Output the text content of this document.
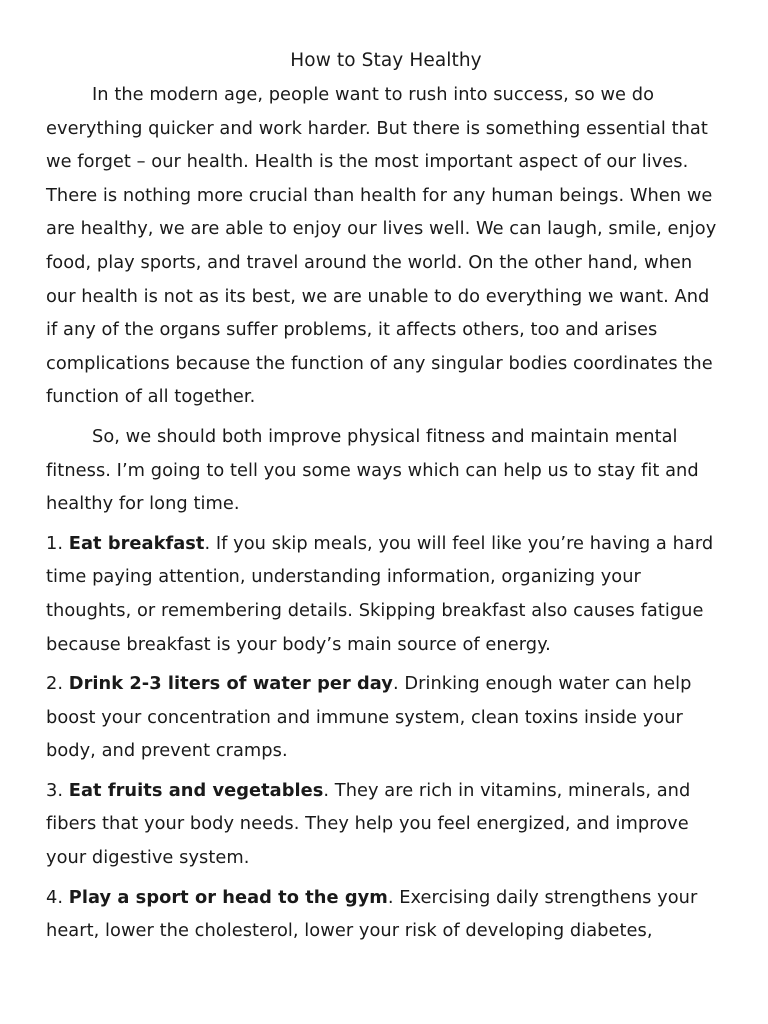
How to Stay Healthy

In the modern age, people want to rush into success, so we do everything quicker and work harder. But there is something essential that we forget – our health. Health is the most important aspect of our lives. There is nothing more crucial than health for any human beings. When we are healthy, we are able to enjoy our lives well. We can laugh, smile, enjoy food, play sports, and travel around the world. On the other hand, when our health is not as its best, we are unable to do everything we want. And if any of the organs suffer problems, it affects others, too and arises complications because the function of any singular bodies coordinates the function of all together.

So, we should both improve physical fitness and maintain mental fitness. I’m going to tell you some ways which can help us to stay fit and healthy for long time.

1. Eat breakfast. If you skip meals, you will feel like you’re having a hard time paying attention, understanding information, organizing your thoughts, or remembering details. Skipping breakfast also causes fatigue because breakfast is your body’s main source of energy.

2. Drink 2-3 liters of water per day. Drinking enough water can help boost your concentration and immune system, clean toxins inside your body, and prevent cramps.

3. Eat fruits and vegetables. They are rich in vitamins, minerals, and fibers that your body needs. They help you feel energized, and improve your digestive system.

4. Play a sport or head to the gym. Exercising daily strengthens your heart, lower the cholesterol, lower your risk of developing diabetes,
